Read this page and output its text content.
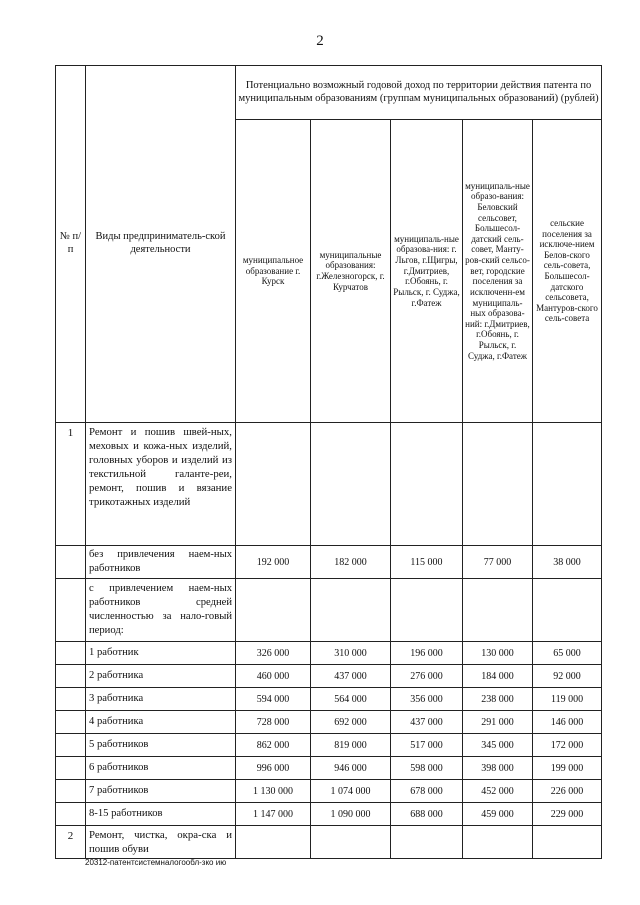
2
№ п/п	Виды предприниматель-ской деятельности	Потенциально возможный годовой доход по территории действия патента по муниципальным образованиям (группам муниципальных образований) (рублей)				
		муниципальное образование г. Курск	муниципальные образования: г.Железногорск, г. Курчатов	муниципаль-ные образова-ния: г. Льгов, г.Щигры, г.Дмитриев, г.Обоянь, г. Рыльск, г. Суджа, г.Фатеж	муниципаль-ные образо-вания: Беловский сельсовет, Большесол-датский сель-совет, Манту-ров-ский сельсо-вет, городские поселения за исключенн-ем муниципаль-ных образова-ний: г.Дмитриев, г.Обоянь, г. Рыльск, г. Суджа, г.Фатеж	сельские поселения за исключе-нием Белов-ского сель-совета, Большесол-датского сельсовета, Мантуров-ского сель-совета
1	Ремонт и пошив швей-ных, меховых и кожа-ных изделий, головных уборов и изделий из текстильной галанте-реи, ремонт, пошив и вязание трикотажных изделий					
	без привлечения наем-ных работников	192 000	182 000	115 000	77 000	38 000
	с привлечением наем-ных работников средней численностью за нало-говый период:					
	1 работник	326 000	310 000	196 000	130 000	65 000
	2 работника	460 000	437 000	276 000	184 000	92 000
	3 работника	594 000	564 000	356 000	238 000	119 000
	4 работника	728 000	692 000	437 000	291 000	146 000
	5 работников	862 000	819 000	517 000	345 000	172 000
	6 работников	996 000	946 000	598 000	398 000	199 000
	7 работников	1 130 000	1 074 000	678 000	452 000	226 000
	8-15 работников	1 147 000	1 090 000	688 000	459 000	229 000
2	Ремонт, чистка, окра-ска и пошив обуви					
20312-патентсистемналогообл-зко ию
